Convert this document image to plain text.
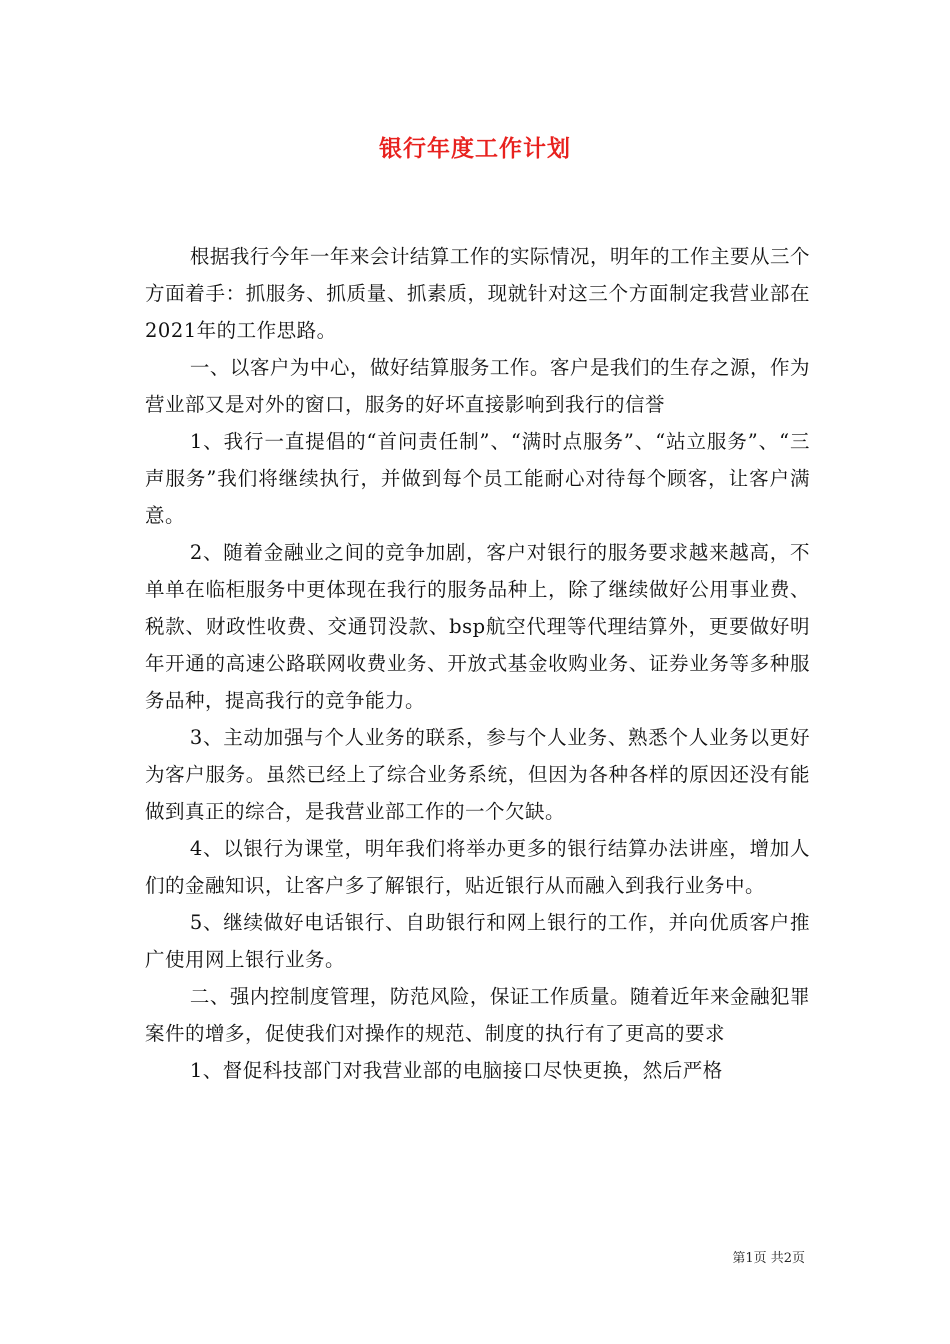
银行年度工作计划

根据我行今年一年来会计结算工作的实际情况，明年的工作主要从三个方面着手：抓服务、抓质量、抓素质，现就针对这三个方面制定我营业部在2021年的工作思路。

一、以客户为中心，做好结算服务工作。客户是我们的生存之源，作为营业部又是对外的窗口，服务的好坏直接影响到我行的信誉

1、我行一直提倡的“首问责任制”、“满时点服务”、“站立服务”、“三声服务”我们将继续执行，并做到每个员工能耐心对待每个顾客，让客户满意。

2、随着金融业之间的竞争加剧，客户对银行的服务要求越来越高，不单单在临柜服务中更体现在我行的服务品种上，除了继续做好公用事业费、税款、财政性收费、交通罚没款、bsp航空代理等代理结算外，更要做好明年开通的高速公路联网收费业务、开放式基金收购业务、证券业务等多种服务品种，提高我行的竞争能力。

3、主动加强与个人业务的联系，参与个人业务、熟悉个人业务以更好为客户服务。虽然已经上了综合业务系统，但因为各种各样的原因还没有能做到真正的综合，是我营业部工作的一个欠缺。

4、以银行为课堂，明年我们将举办更多的银行结算办法讲座，增加人们的金融知识，让客户多了解银行，贴近银行从而融入到我行业务中。

5、继续做好电话银行、自助银行和网上银行的工作，并向优质客户推广使用网上银行业务。

二、强内控制度管理，防范风险，保证工作质量。随着近年来金融犯罪案件的增多，促使我们对操作的规范、制度的执行有了更高的要求

1、督促科技部门对我营业部的电脑接口尽快更换，然后严格

第1页 共2页
